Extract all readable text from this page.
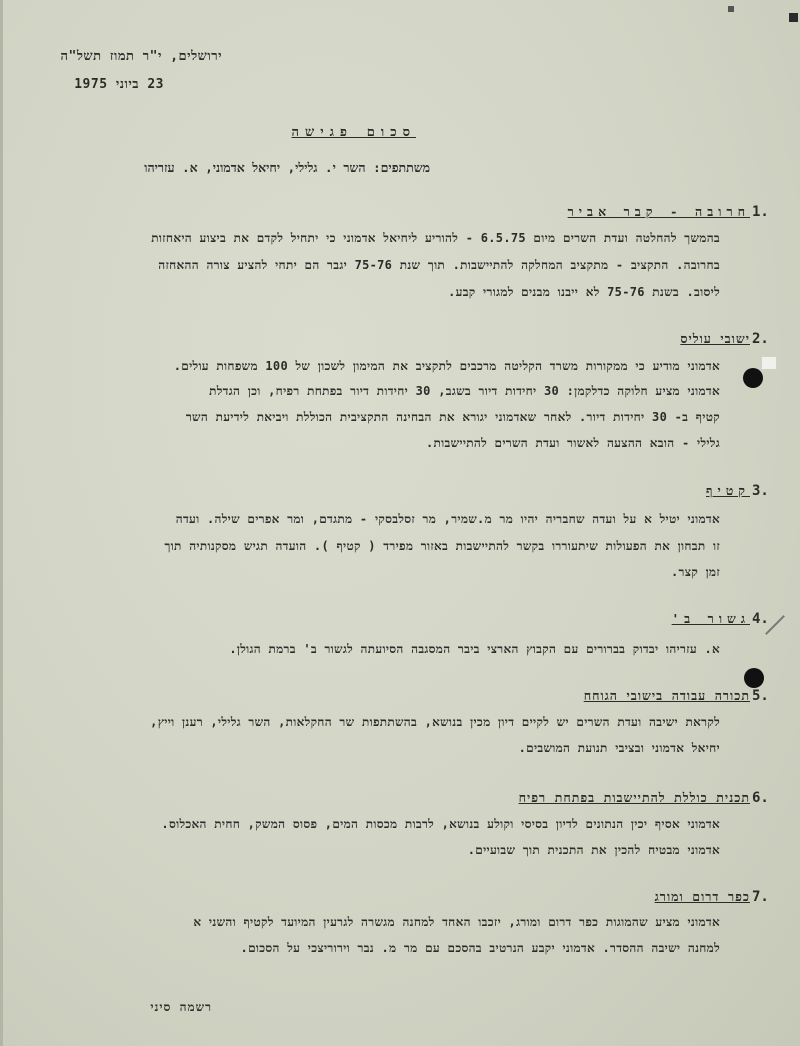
ירושלים, י"ר תמוז תשל"ה
23 ביוני 1975
סכום פגישה
משתתפים: השר י. גלילי, יחיאל אדמוני, א. עזריהו
1.
חרובה - קבר אביר
בהמשך להחלטה ועדת השרים מיום 6.5.75 - להוריע ליחיאל אדמוני כי יתחיל לקדם את ביצוע היאחזות
בחרובה. התקציב - מתקציב המחלקה להתיישבות. תוך שנת 75-76 יגבר הם יתחי להציע צורה ההאחזה
ליסוב. בשנת 75-76 לא ייבנו מבנים למגורי קבע.
2.
ישובי עוליס
אדמוני מודיע כי ממקורות משרד הקליטה מרכבים לתקציב את המימון לשכון של 100 משפחות עולים.
אדמוני מציע חלוקה כדלקמן: 30 יחידות דיור בשגב, 30 יחידות דיור בפתחת רפיח, וכן הגדלת
קטיף ב- 30 יחידות דיור. לאחר שאדמוני יגורא את הבחינה התקציבית הכוללת ויביאת לידיעת השר
גלילי - הובא ההצעה לאשור ועדת השרים להתיישבות.
3.
קטיף
אדמוני יטיל א על ועדה שחבריה יהיו מר מ.שמיר, מר זסלבסקי - מתגדם, ומר אפרים שילה. ועדה
זו תבחון את הפעולות שיתעוררו בקשר להתיישבות באזור מפירד ( קטיף ). הועדה תגיש מסקנותיה תוך
זמן קצר.
4.
גשור ב'
א. עזריהו יבדוק בברורים עם הקבוץ הארצי ביבר המסגבה הסיועתה לגשור ב' ברמת הגולן.
5.
תכורה עבודה בישובי הגוחח
לקראת ישיבה ועדת השרים יש לקיים דיון מכין בנושא, בהשתתפות שר החקלאות, השר גלילי, רענן וייץ,
יחיאל אדמוני ובציבי תנועת המושבים.
6.
תכנית כוללת להתיישבות בפתחת רפיח
אדמוני אסיף יכין הנתונים לדיון בסיסי וקולע בנושא, לרבות מכסות המים, פסוס המשק, חחית האכלוס.
אדמוני מבטיח להכין את התכנית תוך שבועיים.
7.
כפר דרום ומורג
אדמוני מציע שהמוגות כפר דרום ומורג, יזכבו האחד למחנה מגשרה לגרעין המיועד לקטיף והשני א
למחנה ישיבה ההסדר. אדמוני יקבע הנרטיב בהסכם עם מר מ. נבר וירוריצכי על הסכום.
רשמה סיני
